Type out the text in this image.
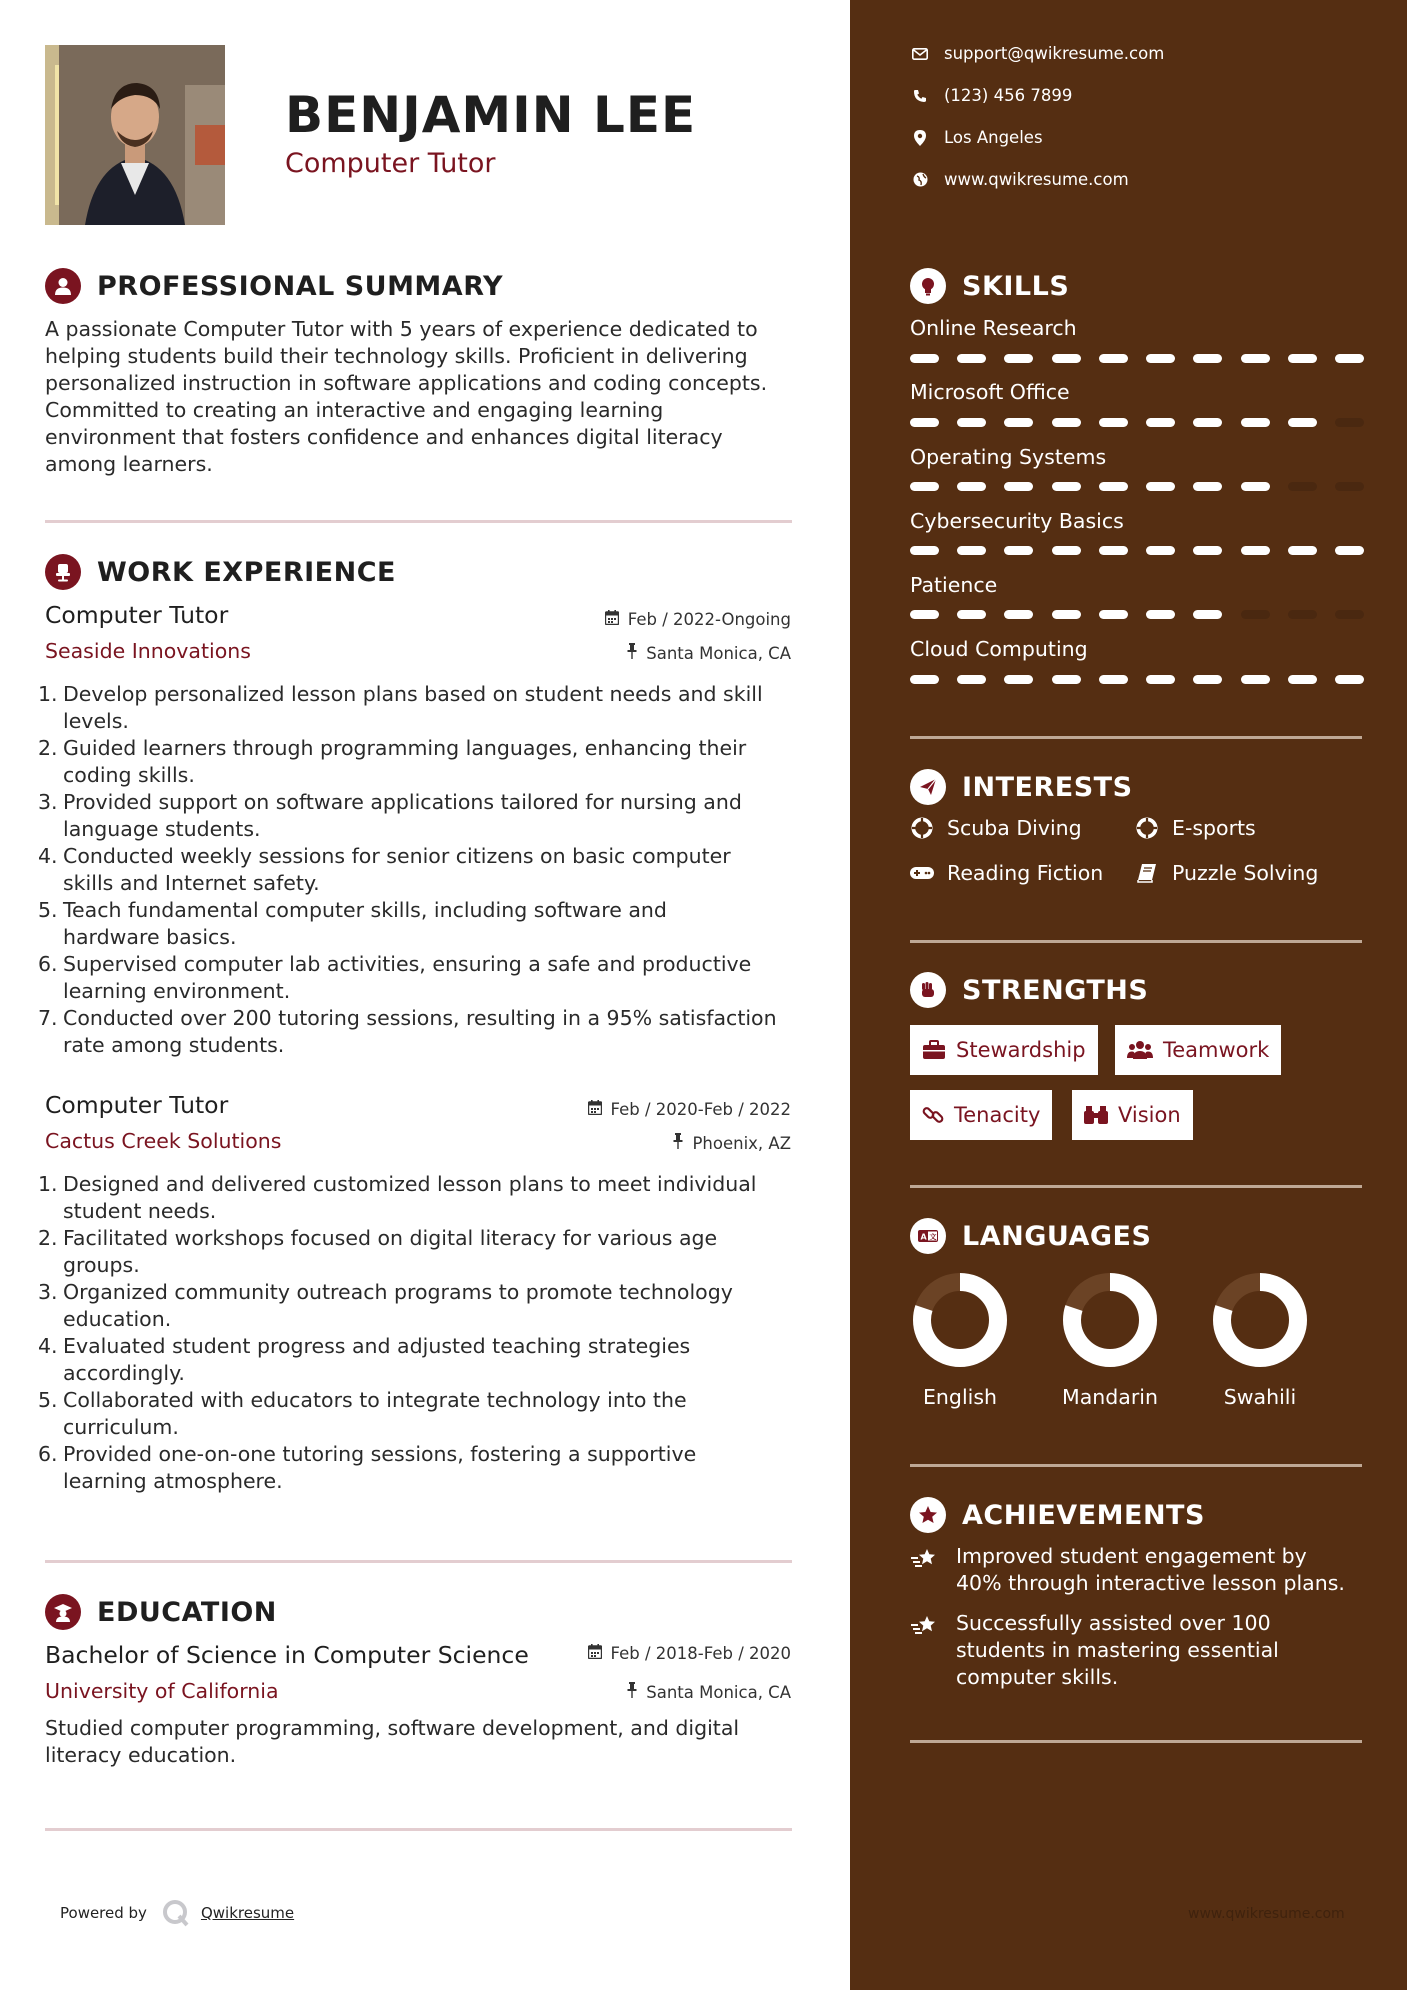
BENJAMIN LEE
Computer Tutor
PROFESSIONAL SUMMARY
A passionate Computer Tutor with 5 years of experience dedicated to
helping students build their technology skills. Proficient in delivering
personalized instruction in software applications and coding concepts.
Committed to creating an interactive and engaging learning
environment that fosters confidence and enhances digital literacy
among learners.
WORK EXPERIENCE
Computer Tutor	Feb / 2022-Ongoing
Seaside Innovations	Santa Monica, CA
1. Develop personalized lesson plans based on student needs and skill
levels.
2. Guided learners through programming languages, enhancing their
coding skills.
3. Provided support on software applications tailored for nursing and
language students.
4. Conducted weekly sessions for senior citizens on basic computer
skills and Internet safety.
5. Teach fundamental computer skills, including software and
hardware basics.
6. Supervised computer lab activities, ensuring a safe and productive
learning environment.
7. Conducted over 200 tutoring sessions, resulting in a 95% satisfaction
rate among students.
Computer Tutor	Feb / 2020-Feb / 2022
Cactus Creek Solutions	Phoenix, AZ
1. Designed and delivered customized lesson plans to meet individual
student needs.
2. Facilitated workshops focused on digital literacy for various age
groups.
3. Organized community outreach programs to promote technology
education.
4. Evaluated student progress and adjusted teaching strategies
accordingly.
5. Collaborated with educators to integrate technology into the
curriculum.
6. Provided one-on-one tutoring sessions, fostering a supportive
learning atmosphere.
EDUCATION
Bachelor of Science in Computer Science	Feb / 2018-Feb / 2020
University of California	Santa Monica, CA
Studied computer programming, software development, and digital
literacy education.
Powered by	Qwikresume
support@qwikresume.com
(123) 456 7899
Los Angeles
www.qwikresume.com
SKILLS
Online Research
Microsoft Office
Operating Systems
Cybersecurity Basics
Patience
Cloud Computing
INTERESTS
Scuba Diving	E-sports
Reading Fiction	Puzzle Solving
STRENGTHS
Stewardship	Teamwork
Tenacity	Vision
A 文 LANGUAGES
English	Mandarin	Swahili
ACHIEVEMENTS
Improved student engagement by
40% through interactive lesson plans.
Successfully assisted over 100
students in mastering essential
computer skills.
www.qwikresume.com
